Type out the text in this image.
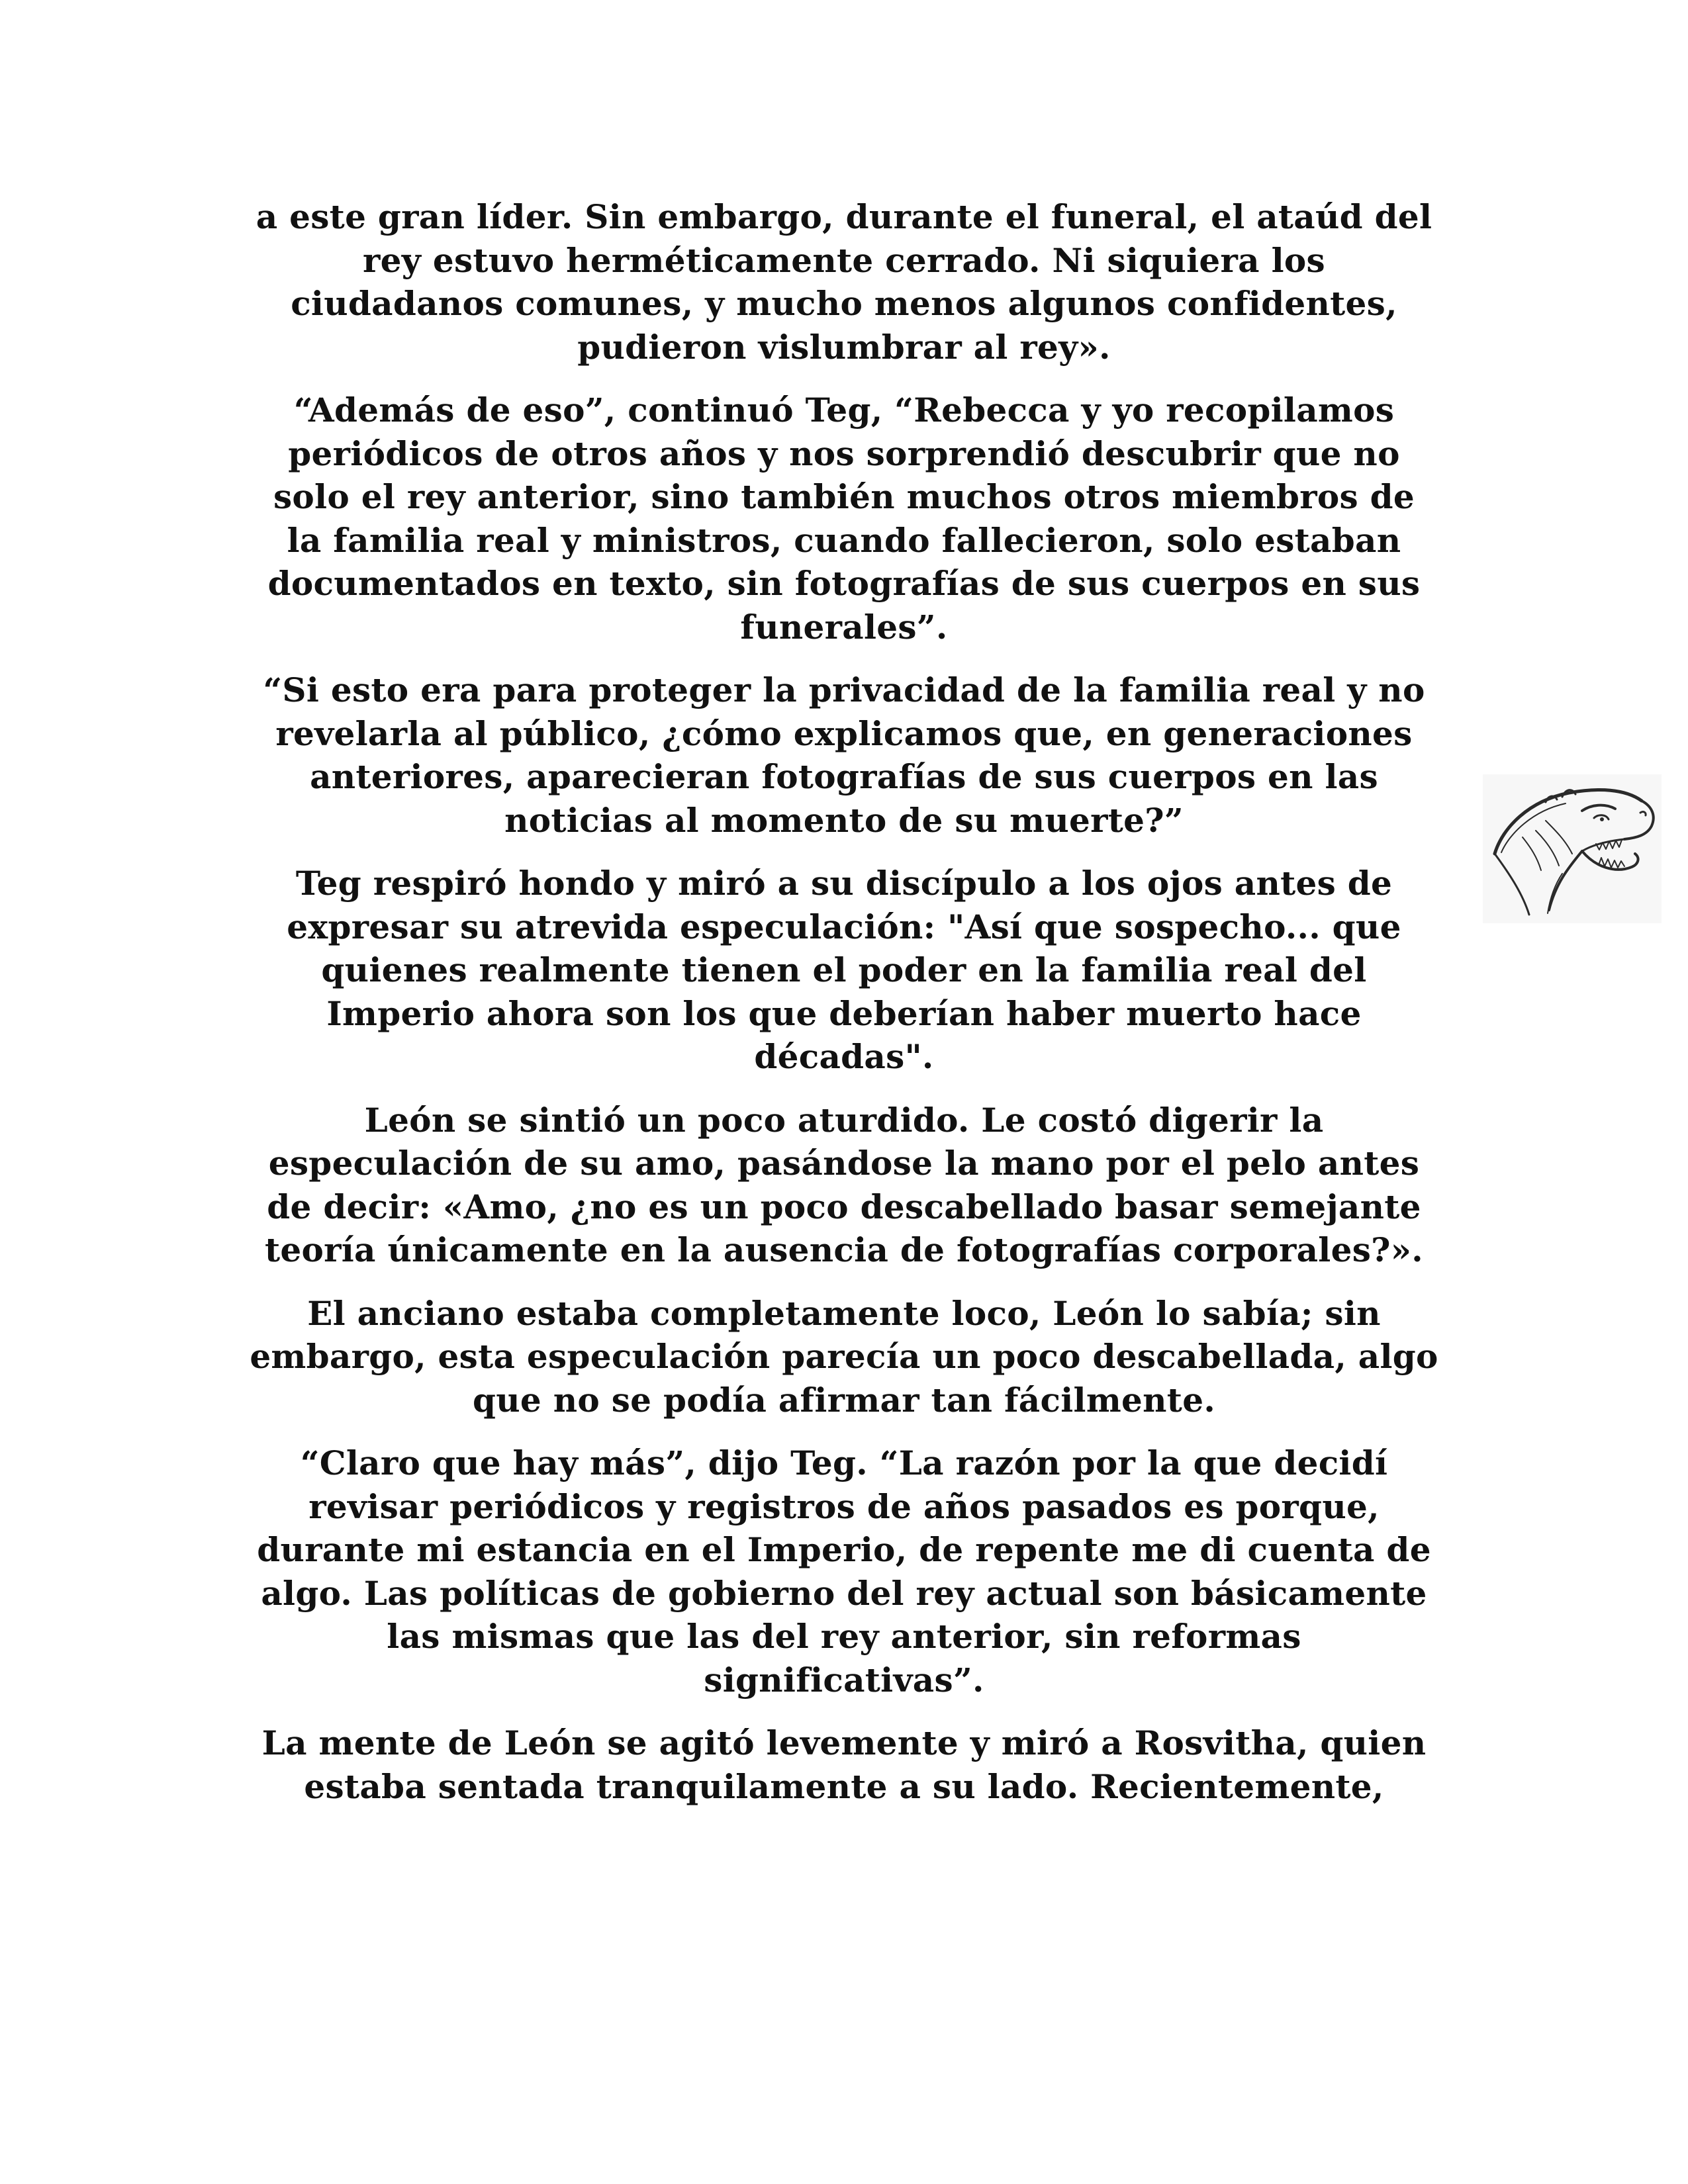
a este gran líder. Sin embargo, durante el funeral, el ataúd del
rey estuvo herméticamente cerrado. Ni siquiera los
ciudadanos comunes, y mucho menos algunos confidentes,
pudieron vislumbrar al rey».

“Además de eso”, continuó Teg, “Rebecca y yo recopilamos
periódicos de otros años y nos sorprendió descubrir que no
solo el rey anterior, sino también muchos otros miembros de
la familia real y ministros, cuando fallecieron, solo estaban
documentados en texto, sin fotografías de sus cuerpos en sus
funerales”.

“Si esto era para proteger la privacidad de la familia real y no
revelarla al público, ¿cómo explicamos que, en generaciones
anteriores, aparecieran fotografías de sus cuerpos en las
noticias al momento de su muerte?”

Teg respiró hondo y miró a su discípulo a los ojos antes de
expresar su atrevida especulación: "Así que sospecho... que
quienes realmente tienen el poder en la familia real del
Imperio ahora son los que deberían haber muerto hace
décadas".

León se sintió un poco aturdido. Le costó digerir la
especulación de su amo, pasándose la mano por el pelo antes
de decir: «Amo, ¿no es un poco descabellado basar semejante
teoría únicamente en la ausencia de fotografías corporales?».

El anciano estaba completamente loco, León lo sabía; sin
embargo, esta especulación parecía un poco descabellada, algo
que no se podía afirmar tan fácilmente.

“Claro que hay más”, dijo Teg. “La razón por la que decidí
revisar periódicos y registros de años pasados es porque,
durante mi estancia en el Imperio, de repente me di cuenta de
algo. Las políticas de gobierno del rey actual son básicamente
las mismas que las del rey anterior, sin reformas
significativas”.

La mente de León se agitó levemente y miró a Rosvitha, quien
estaba sentada tranquilamente a su lado. Recientemente,
